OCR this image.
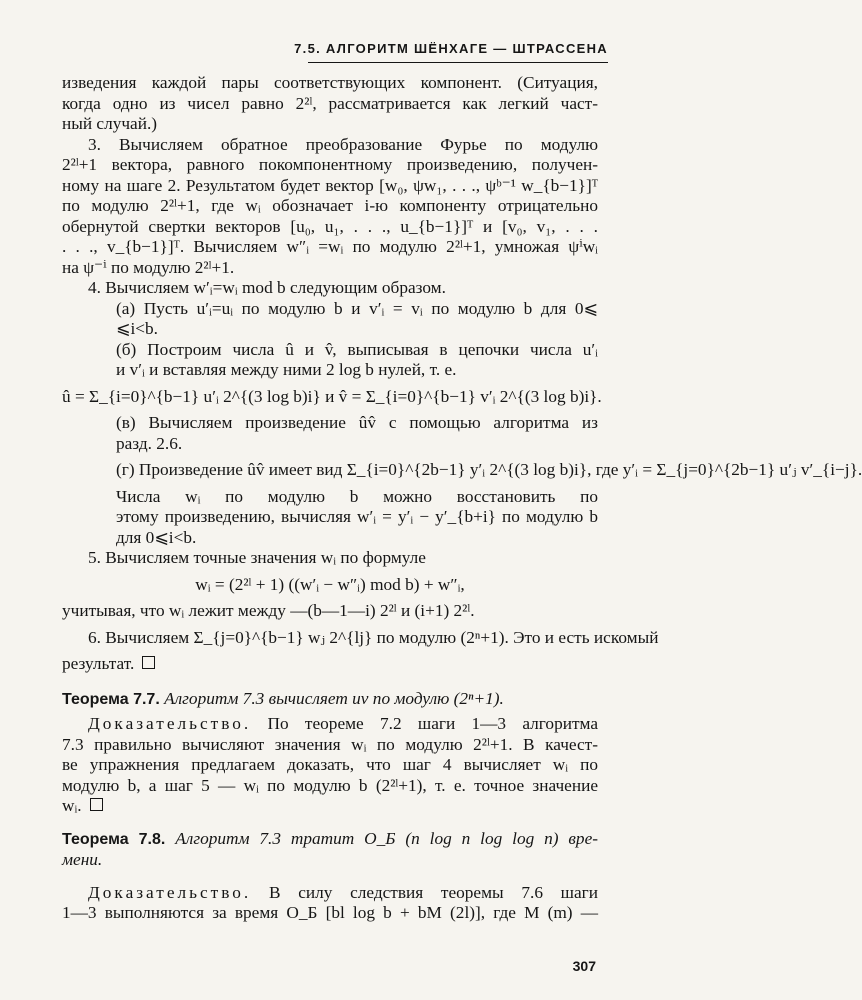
7.5. АЛГОРИТМ ШЁНХАГЕ — ШТРАССЕНА
изведения каждой пары соответствующих компонент. (Ситуация,
когда одно из чисел равно 2²ˡ, рассматривается как легкий част-
ный случай.)
3. Вычисляем обратное преобразование Фурье по модулю
2²ˡ+1 вектора, равного покомпонентному произведению, получен-
ному на шаге 2. Результатом будет вектор [w₀, ψw₁, . . ., ψᵇ⁻¹ w_{b−1}]ᵀ
по модулю 2²ˡ+1, где wᵢ обозначает i-ю компоненту отрицательно
обернутой свертки векторов [u₀, u₁, . . ., u_{b−1}]ᵀ и [v₀, v₁, . . .
. . ., v_{b−1}]ᵀ. Вычисляем w″ᵢ =wᵢ по модулю 2²ˡ+1, умножая ψⁱwᵢ
на ψ⁻ⁱ по модулю 2²ˡ+1.
4. Вычисляем w′ᵢ=wᵢ mod b следующим образом.
(а) Пусть u′ᵢ=uᵢ по модулю b и v′ᵢ = vᵢ по модулю b для 0⩽
⩽i<b.
(б) Построим числа û и v̂, выписывая в цепочки числа u′ᵢ
и v′ᵢ и вставляя между ними 2 log b нулей, т. е.
û = Σ_{i=0}^{b−1} u′ᵢ 2^{(3 log b)i} и v̂ = Σ_{i=0}^{b−1} v′ᵢ 2^{(3 log b)i}.
(в) Вычисляем произведение ûv̂ с помощью алгоритма из
разд. 2.6.
(г) Произведение ûv̂ имеет вид Σ_{i=0}^{2b−1} y′ᵢ 2^{(3 log b)i}, где y′ᵢ = Σ_{j=0}^{2b−1} u′ⱼ v′_{i−j}.
Числа wᵢ по модулю b можно восстановить по
этому произведению, вычисляя w′ᵢ = y′ᵢ − y′_{b+i} по модулю b
для 0⩽i<b.
5. Вычисляем точные значения wᵢ по формуле
wᵢ = (2²ˡ + 1) ((w′ᵢ − w″ᵢ) mod b) + w″ᵢ,
учитывая, что wᵢ лежит между —(b—1—i) 2²ˡ и (i+1) 2²ˡ.
6. Вычисляем Σ_{j=0}^{b−1} wⱼ 2^{lj} по модулю (2ⁿ+1). Это и есть искомый
результат.
Теорема 7.7. Алгоритм 7.3 вычисляет uv по модулю (2ⁿ+1).
Доказательство. По теореме 7.2 шаги 1—3 алгоритма
7.3 правильно вычисляют значения wᵢ по модулю 2²ˡ+1. В качест-
ве упражнения предлагаем доказать, что шаг 4 вычисляет wᵢ по
модулю b, а шаг 5 — wᵢ по модулю b (2²ˡ+1), т. е. точное значение
wᵢ.
Теорема 7.8. Алгоритм 7.3 тратит O_Б (n log n log log n) вре-
мени.
Доказательство. В силу следствия теоремы 7.6 шаги
1—3 выполняются за время O_Б [bl log b + bM (2l)], где M (m) —
307
